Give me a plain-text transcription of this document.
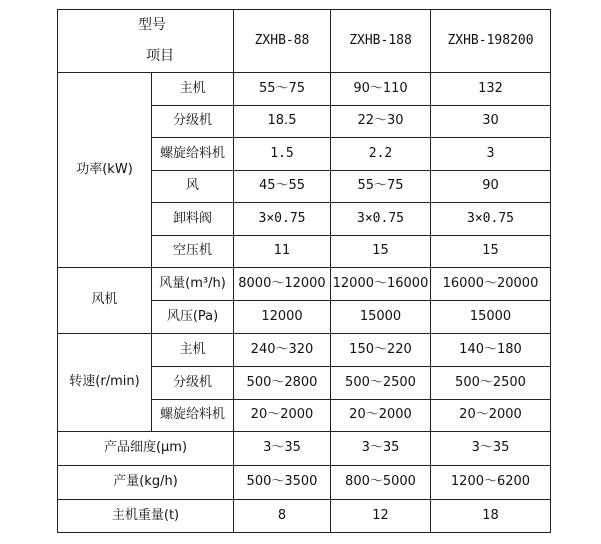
型号
项目		ZXHB-88	ZXHB-188	ZXHB-198200
功率(kW)	主机	55～75	90～110	132
	分级机	18.5	22～30	30
	螺旋给料机	1.5	2.2	3
	风	45～55	55～75	90
	卸料阀	3×0.75	3×0.75	3×0.75
	空压机	11	15	15
风机	风量(m³/h)	8000～12000	12000～16000	16000～20000
	风压(Pa)	12000	15000	15000
转速(r/min)	主机	240～320	150～220	140～180
	分级机	500～2800	500～2500	500～2500
	螺旋给料机	20～2000	20～2000	20～2000
产品细度(μm)		3～35	3～35	3～35
产量(kg/h)		500～3500	800～5000	1200～6200
主机重量(t)		8	12	18
